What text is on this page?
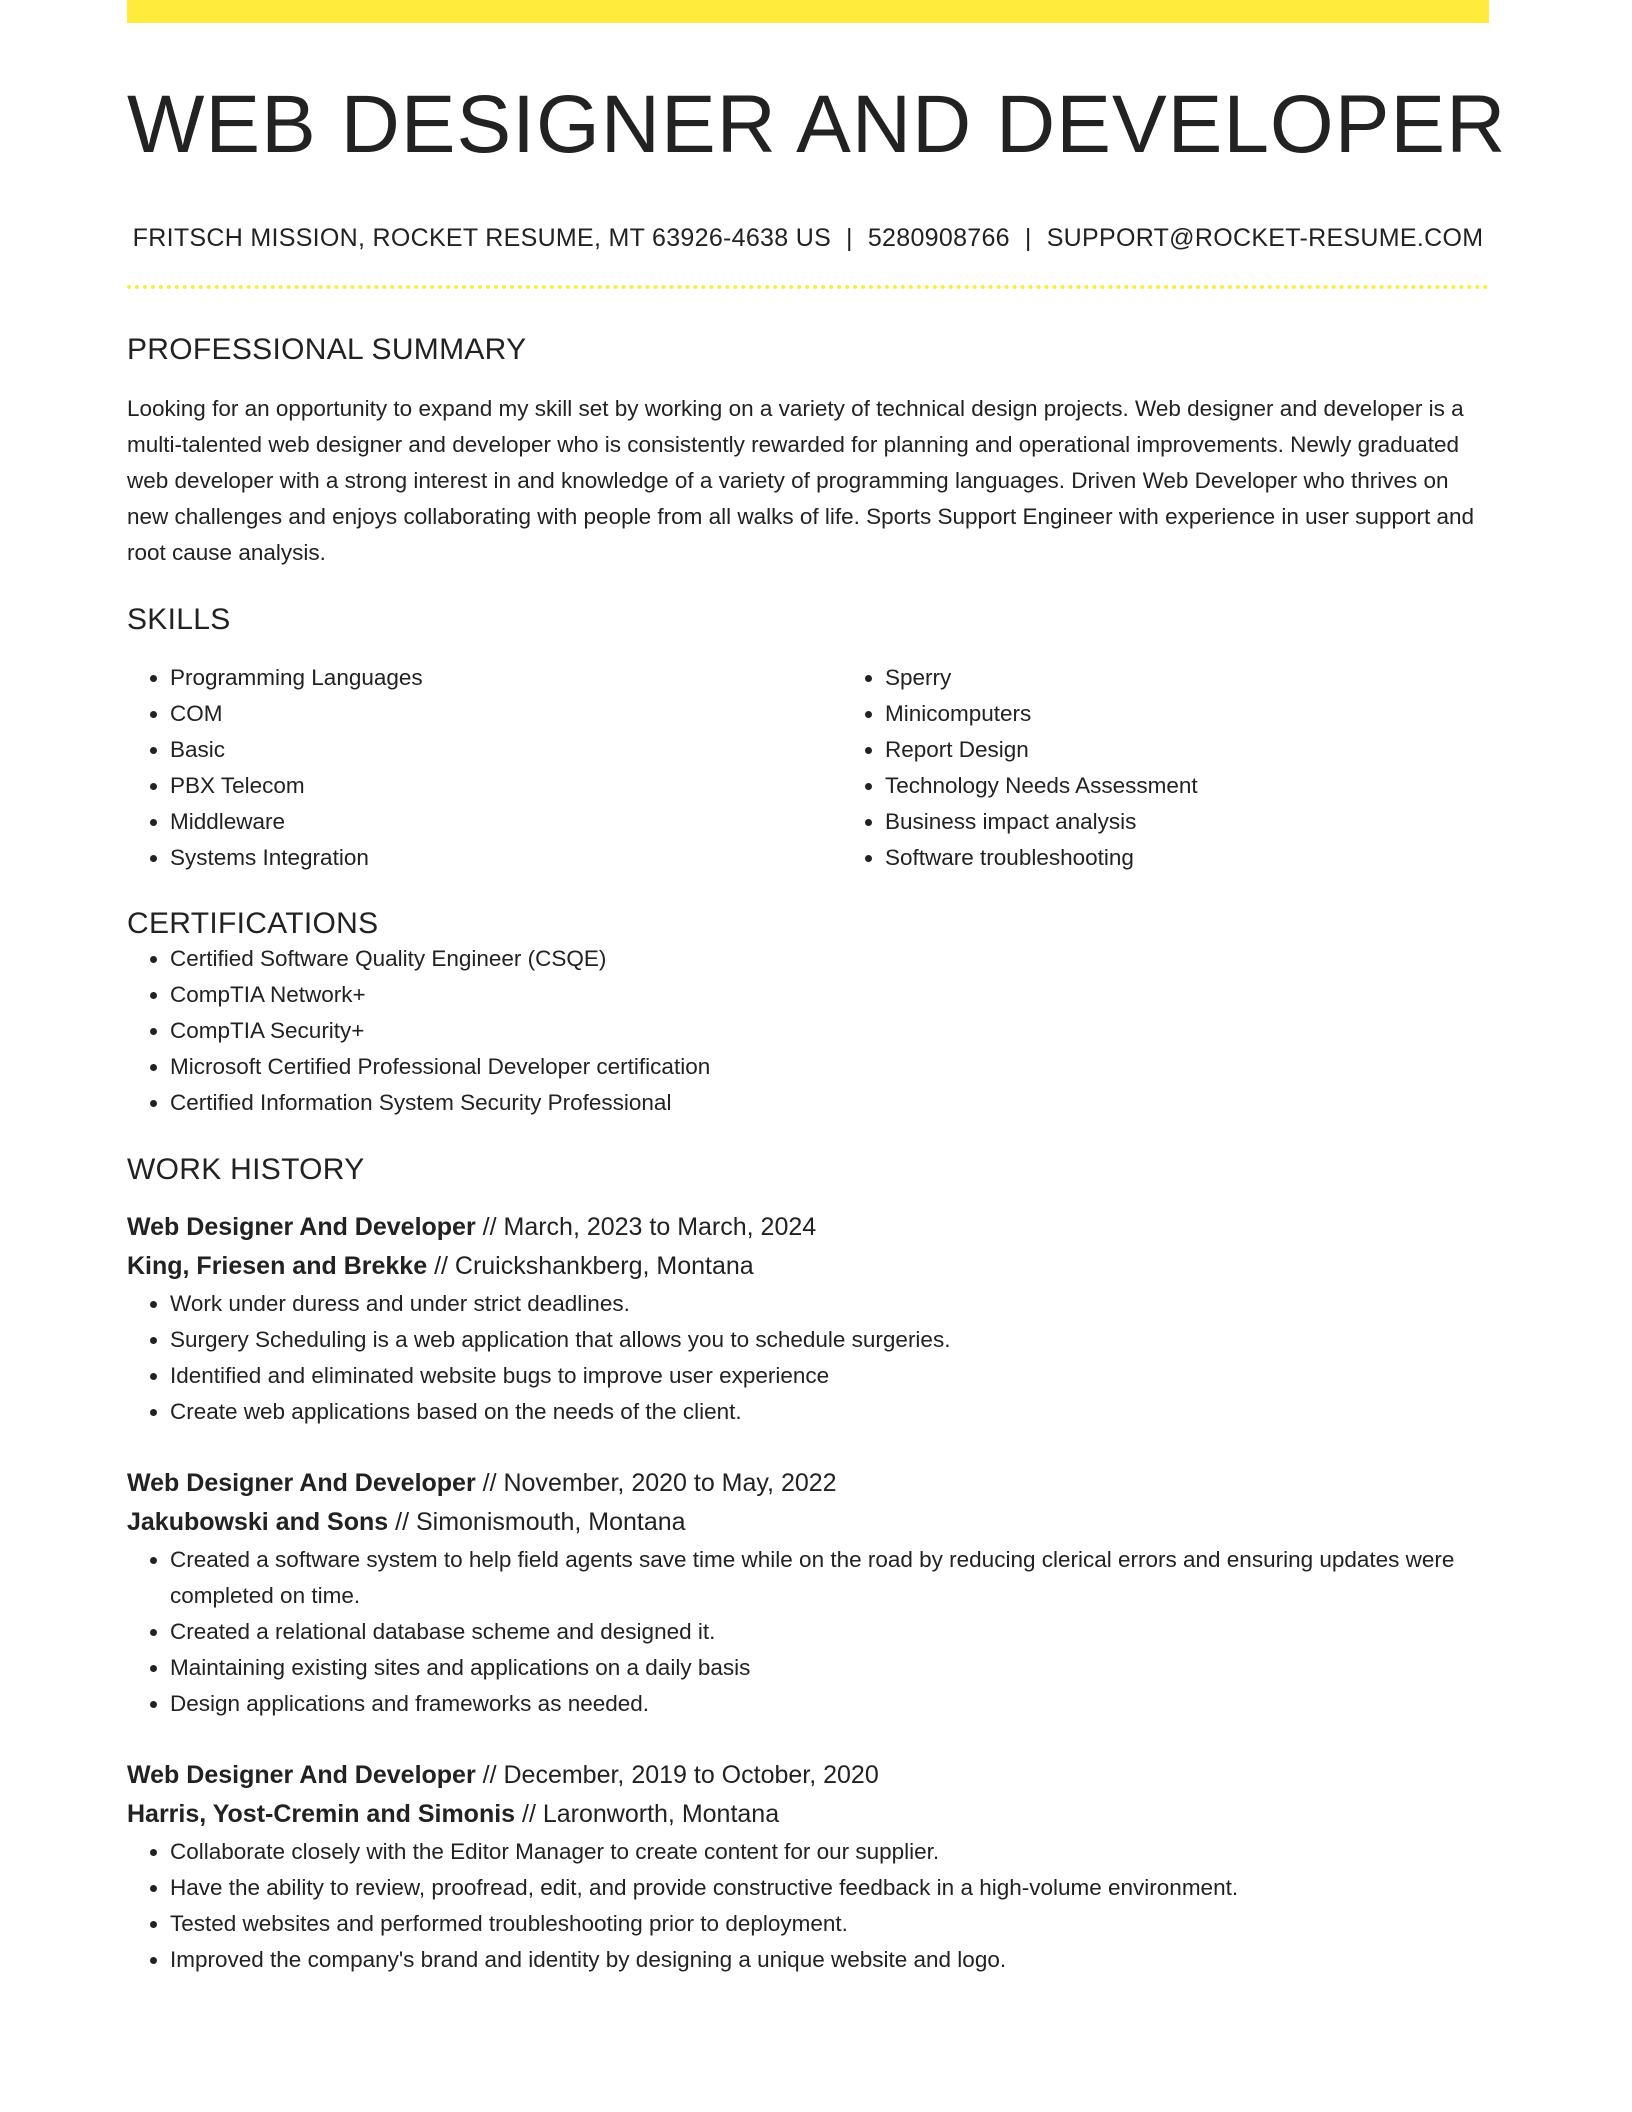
WEB DESIGNER AND DEVELOPER
FRITSCH MISSION, ROCKET RESUME, MT 63926-4638 US | 5280908766 | SUPPORT@ROCKET-RESUME.COM
PROFESSIONAL SUMMARY
Looking for an opportunity to expand my skill set by working on a variety of technical design projects. Web designer and developer is a multi-talented web designer and developer who is consistently rewarded for planning and operational improvements. Newly graduated web developer with a strong interest in and knowledge of a variety of programming languages. Driven Web Developer who thrives on new challenges and enjoys collaborating with people from all walks of life. Sports Support Engineer with experience in user support and root cause analysis.
SKILLS
• Programming Languages
• COM
• Basic
• PBX Telecom
• Middleware
• Systems Integration
• Sperry
• Minicomputers
• Report Design
• Technology Needs Assessment
• Business impact analysis
• Software troubleshooting
CERTIFICATIONS
• Certified Software Quality Engineer (CSQE)
• CompTIA Network+
• CompTIA Security+
• Microsoft Certified Professional Developer certification
• Certified Information System Security Professional
WORK HISTORY
Web Designer And Developer // March, 2023 to March, 2024
King, Friesen and Brekke // Cruickshankberg, Montana
• Work under duress and under strict deadlines.
• Surgery Scheduling is a web application that allows you to schedule surgeries.
• Identified and eliminated website bugs to improve user experience
• Create web applications based on the needs of the client.
Web Designer And Developer // November, 2020 to May, 2022
Jakubowski and Sons // Simonismouth, Montana
• Created a software system to help field agents save time while on the road by reducing clerical errors and ensuring updates were completed on time.
• Created a relational database scheme and designed it.
• Maintaining existing sites and applications on a daily basis
• Design applications and frameworks as needed.
Web Designer And Developer // December, 2019 to October, 2020
Harris, Yost-Cremin and Simonis // Laronworth, Montana
• Collaborate closely with the Editor Manager to create content for our supplier.
• Have the ability to review, proofread, edit, and provide constructive feedback in a high-volume environment.
• Tested websites and performed troubleshooting prior to deployment.
• Improved the company's brand and identity by designing a unique website and logo.
